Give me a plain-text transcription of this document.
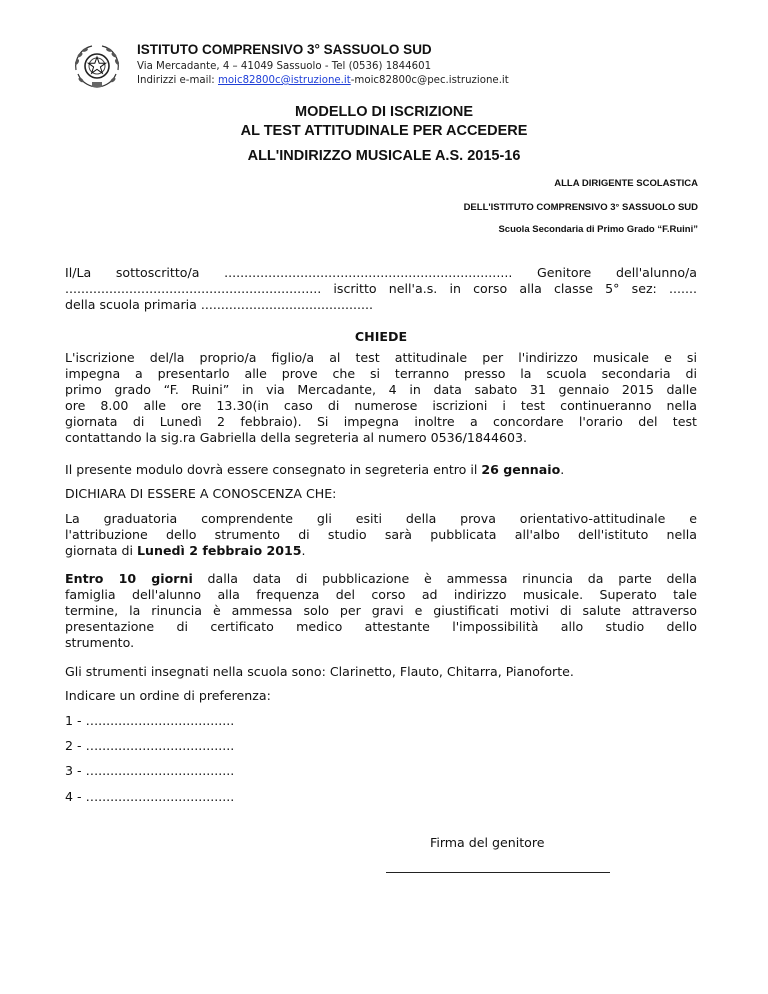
ISTITUTO COMPRENSIVO 3° SASSUOLO SUD
Via Mercadante, 4 – 41049 Sassuolo - Tel (0536) 1844601
Indirizzi e-mail: moic82800c@istruzione.it-moic82800c@pec.istruzione.it
MODELLO DI ISCRIZIONE
AL TEST ATTITUDINALE PER ACCEDERE
ALL'INDIRIZZO MUSICALE A.S. 2015-16
ALLA DIRIGENTE SCOLASTICA
DELL'ISTITUTO COMPRENSIVO 3° SASSUOLO SUD
Scuola Secondaria di Primo Grado “F.Ruini”
Il/La sottoscritto/a ........................................................................ Genitore dell'alunno/a
................................................................ iscritto nell'a.s. in corso alla classe 5° sez: .......
della scuola primaria ...........................................
CHIEDE
L'iscrizione del/la proprio/a figlio/a al test attitudinale per l'indirizzo musicale e si
impegna a presentarlo alle prove che si terranno presso la scuola secondaria di
primo grado “F. Ruini” in via Mercadante, 4 in data sabato 31 gennaio 2015 dalle
ore 8.00 alle ore 13.30(in caso di numerose iscrizioni i test continueranno nella
giornata di Lunedì 2 febbraio). Si impegna inoltre a concordare l'orario del test
contattando la sig.ra Gabriella della segreteria al numero 0536/1844603.
Il presente modulo dovrà essere consegnato in segreteria entro il 26 gennaio.
DICHIARA DI ESSERE A CONOSCENZA CHE:
La graduatoria comprendente gli esiti della prova orientativo-attitudinale e
l'attribuzione dello strumento di studio sarà pubblicata all'albo dell'istituto nella
giornata di Lunedì 2 febbraio 2015.
Entro 10 giorni dalla data di pubblicazione è ammessa rinuncia da parte della
famiglia dell'alunno alla frequenza del corso ad indirizzo musicale. Superato tale
termine, la rinuncia è ammessa solo per gravi e giustificati motivi di salute attraverso
presentazione di certificato medico attestante l'impossibilità allo studio dello
strumento.
Gli strumenti insegnati nella scuola sono: Clarinetto, Flauto, Chitarra, Pianoforte.
Indicare un ordine di preferenza:
1 - …..................................
2 - …..................................
3 - …..................................
4 - …..................................
Firma del genitore
